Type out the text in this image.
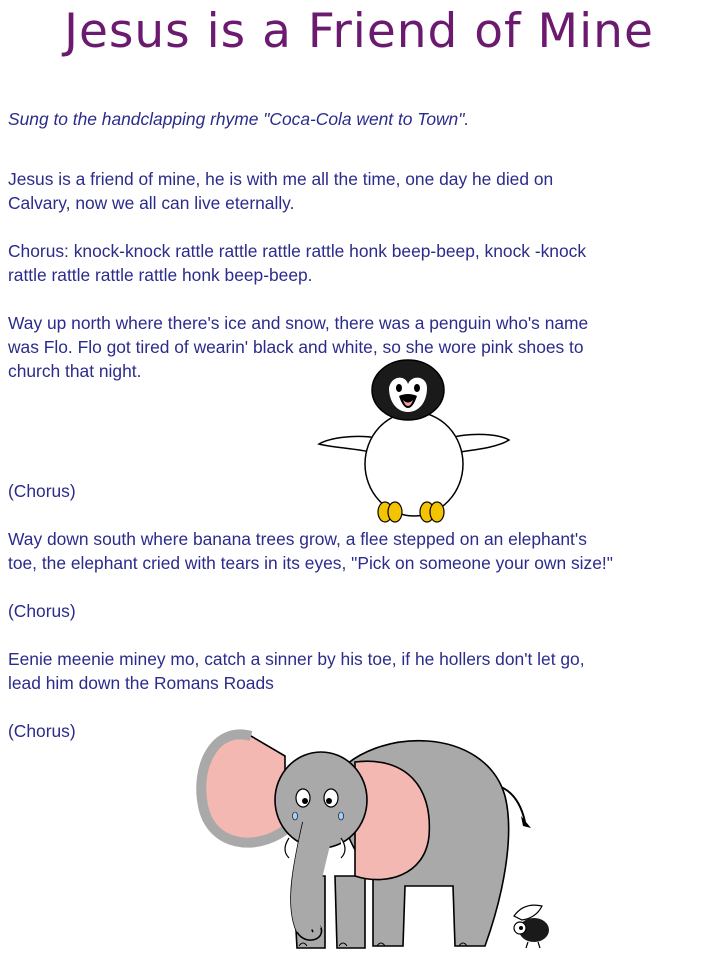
Jesus is a Friend of Mine
Sung to the handclapping rhyme "Coca-Cola went to Town".
Jesus is a friend of mine, he is with me all the time, one day he died on
Calvary, now we all can live eternally.
Chorus: knock-knock rattle rattle rattle rattle honk beep-beep, knock -knock
rattle rattle rattle rattle honk beep-beep.
Way up north where there's ice and snow, there was a penguin who's name
was Flo. Flo got tired of wearin' black and white, so she wore pink shoes to
church that night.
(Chorus)
Way down south where banana trees grow, a flee stepped on an elephant's
toe, the elephant cried with tears in its eyes, "Pick on someone your own size!"
(Chorus)
Eenie meenie miney mo, catch a sinner by his toe, if he hollers don't let go,
lead him down the Romans Roads
(Chorus)
